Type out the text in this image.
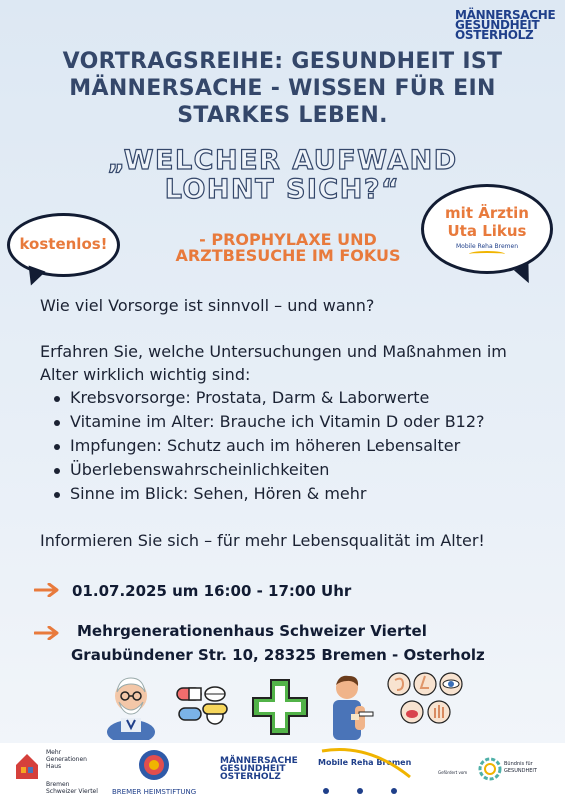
MÄNNERSACHE
GESUNDHEIT
OSTERHOLZ
VORTRAGSREIHE: GESUNDHEIT IST MÄNNERSACHE - WISSEN FÜR EIN STARKES LEBEN.
„WELCHER AUFWAND LOHNT SICH?“
- PROPHYLAXE UND ARZTBESUCHE IM FOKUS
kostenlos!
mit Ärztin
Uta Likus
Mobile Reha Bremen

Wie viel Vorsorge ist sinnvoll – und wann?

Erfahren Sie, welche Untersuchungen und Maßnahmen im Alter wirklich wichtig sind:

Krebsvorsorge: Prostata, Darm & Laborwerte
Vitamine im Alter: Brauche ich Vitamin D oder B12?
Impfungen: Schutz auch im höheren Lebensalter
Überlebenswahrscheinlichkeiten
Sinne im Blick: Sehen, Hören & mehr

Informieren Sie sich – für mehr Lebensqualität im Alter!

01.07.2025 um 16:00 - 17:00 Uhr
Mehrgenerationenhaus Schweizer Viertel
Graubündener Str. 10, 28325 Bremen - Osterholz
Mehr
Generationen
Haus
Bremen
Schweizer Viertel BREMER HEIMSTIFTUNG
MÄNNERSACHE
GESUNDHEIT
OSTERHOLZ
Mobile Reha Bremen
Gefördert vom
Bündnis für
GESUNDHEIT
